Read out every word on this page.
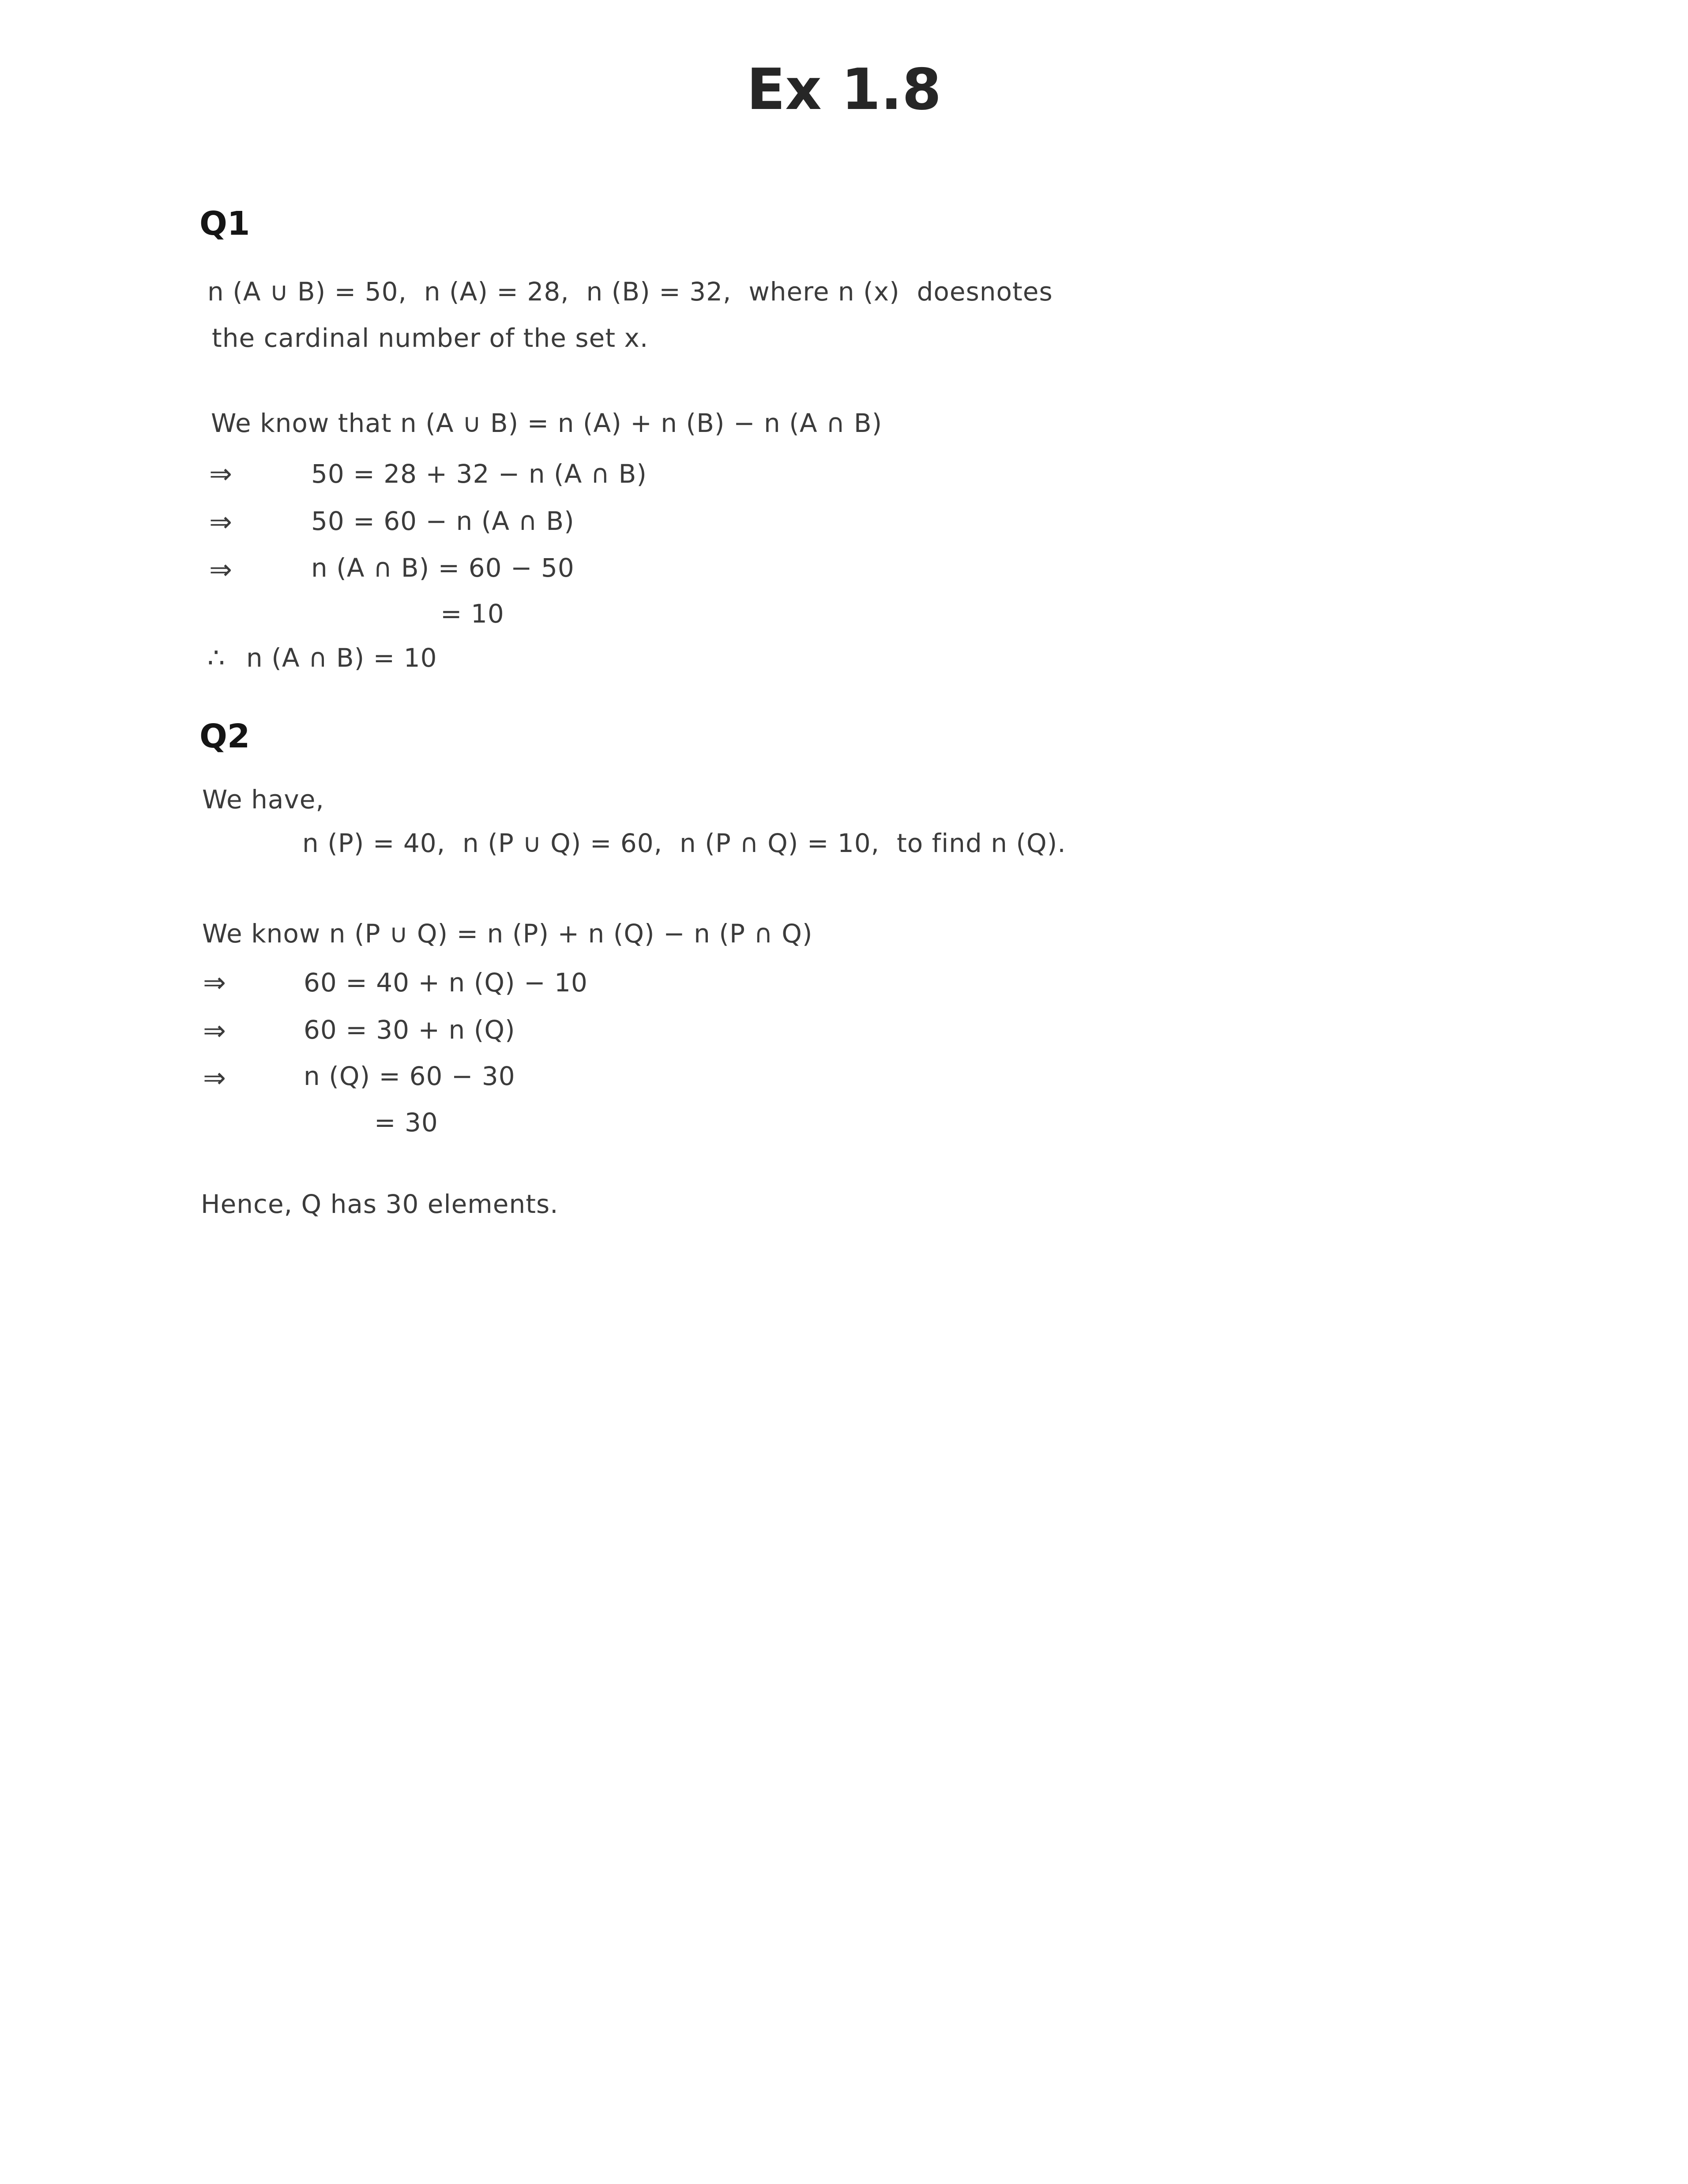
Ex 1.8
Q1
n (A ∪ B) = 50,  n (A) = 28,  n (B) = 32,  where n (x)  doesnotes
the cardinal number of the set x.
We know that n (A ∪ B) = n (A) + n (B) − n (A ∩ B)
⇒	50 = 28 + 32 − n (A ∩ B)
⇒	50 = 60 − n (A ∩ B)
⇒	n (A ∩ B) = 60 − 50
= 10
∴ n (A ∩ B) = 10
Q2
We have,
n (P) = 40,  n (P ∪ Q) = 60,  n (P ∩ Q) = 10,  to find n (Q).
We know n (P ∪ Q) = n (P) + n (Q) − n (P ∩ Q)
⇒	60 = 40 + n (Q) − 10
⇒	60 = 30 + n (Q)
⇒	n (Q) = 60 − 30
= 30
Hence, Q has 30 elements.
